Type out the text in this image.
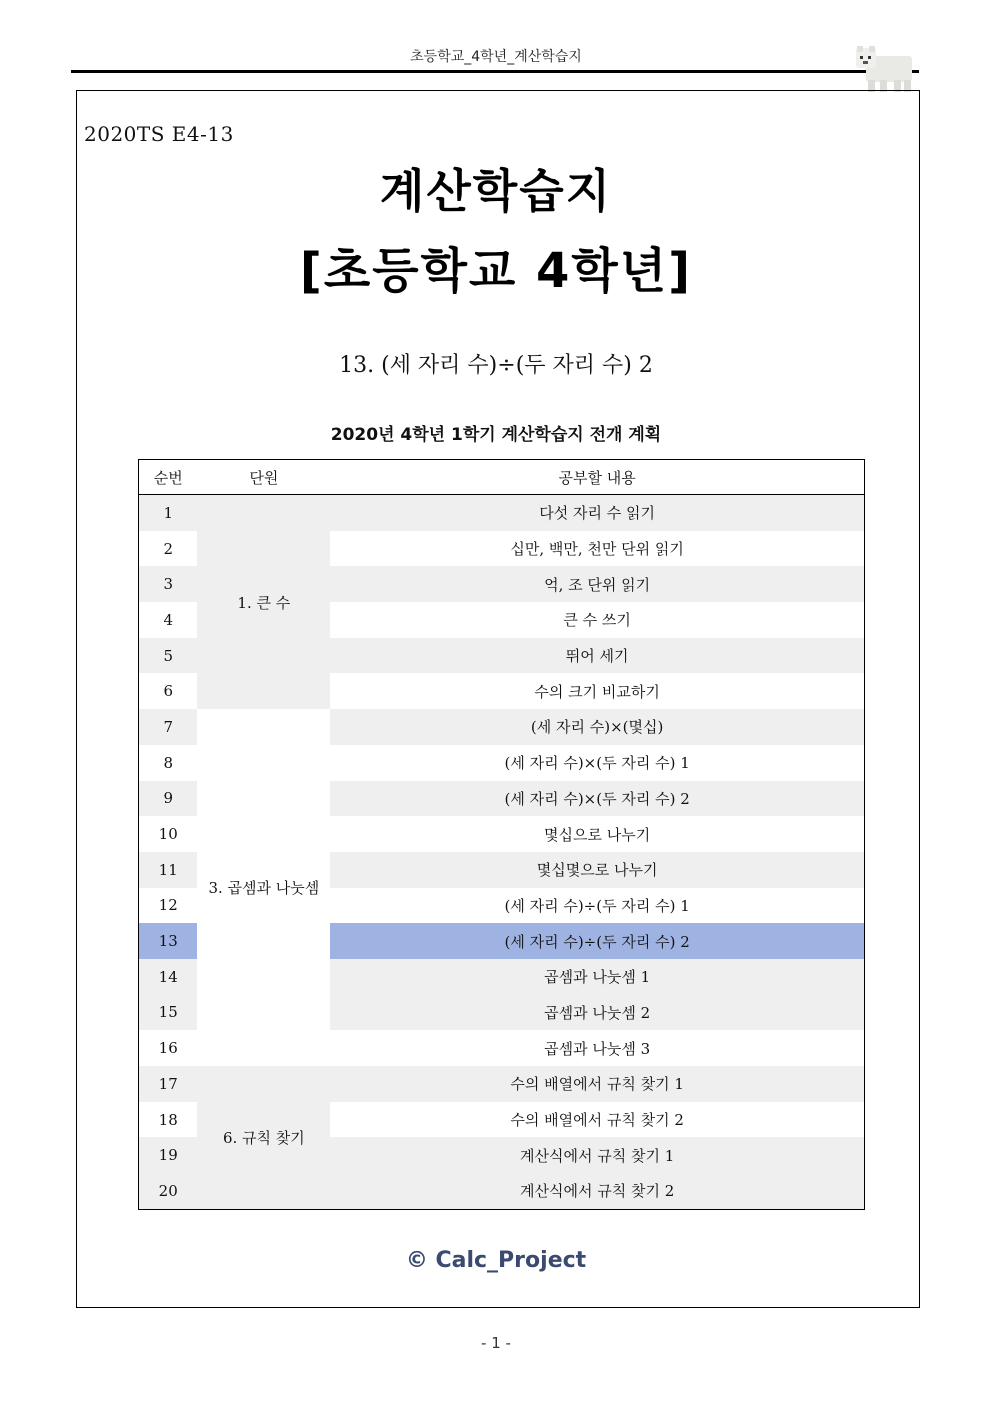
초등학교_4학년_계산학습지
2020TS E4-13
계산학습지
[초등학교 4학년]
13. (세 자리 수)÷(두 자리 수) 2
2020년 4학년 1학기 계산학습지 전개 계획
순번	단원	공부할 내용
1	1. 큰 수	다섯 자리 수 읽기
2		십만, 백만, 천만 단위 읽기
3		억, 조 단위 읽기
4		큰 수 쓰기
5		뛰어 세기
6		수의 크기 비교하기
7	3. 곱셈과 나눗셈	(세 자리 수)×(몇십)
8		(세 자리 수)×(두 자리 수) 1
9		(세 자리 수)×(두 자리 수) 2
10		몇십으로 나누기
11		몇십몇으로 나누기
12		(세 자리 수)÷(두 자리 수) 1
13		(세 자리 수)÷(두 자리 수) 2
14		곱셈과 나눗셈 1
15		곱셈과 나눗셈 2
16		곱셈과 나눗셈 3
17	6. 규칙 찾기	수의 배열에서 규칙 찾기 1
18		수의 배열에서 규칙 찾기 2
19		계산식에서 규칙 찾기 1
20		계산식에서 규칙 찾기 2
© Calc_Project
- 1 -
